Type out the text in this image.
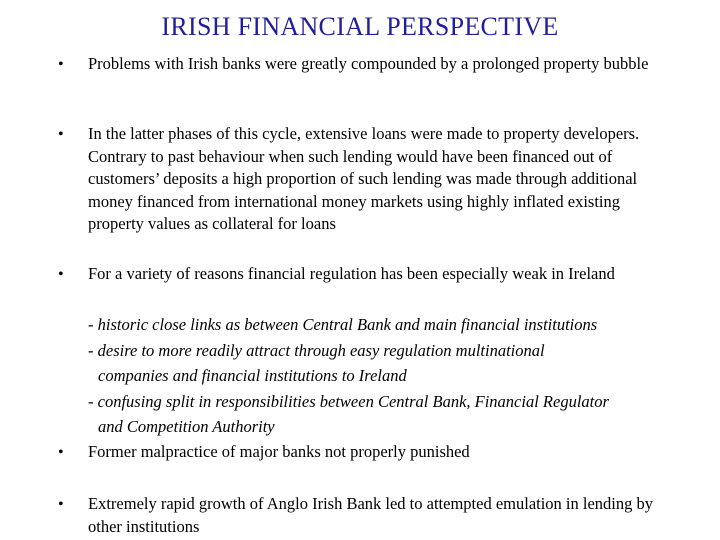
IRISH FINANCIAL PERSPECTIVE
• Problems with Irish banks were greatly compounded by a prolonged property bubble
• In the latter phases of this cycle, extensive loans were made to property developers. Contrary to past behaviour when such lending would have been financed out of customers’ deposits a high proportion of such lending was made through additional money financed from international money markets using highly inflated existing property values as collateral for loans
• For a variety of reasons financial regulation has been especially weak in Ireland
- historic close links as between Central Bank and main financial institutions
- desire to more readily attract through easy regulation multinational
companies and financial institutions to Ireland
- confusing split in responsibilities between Central Bank, Financial Regulator
and Competition Authority
• Former malpractice of major banks not properly punished
• Extremely rapid growth of Anglo Irish Bank led to attempted emulation in lending by other institutions
